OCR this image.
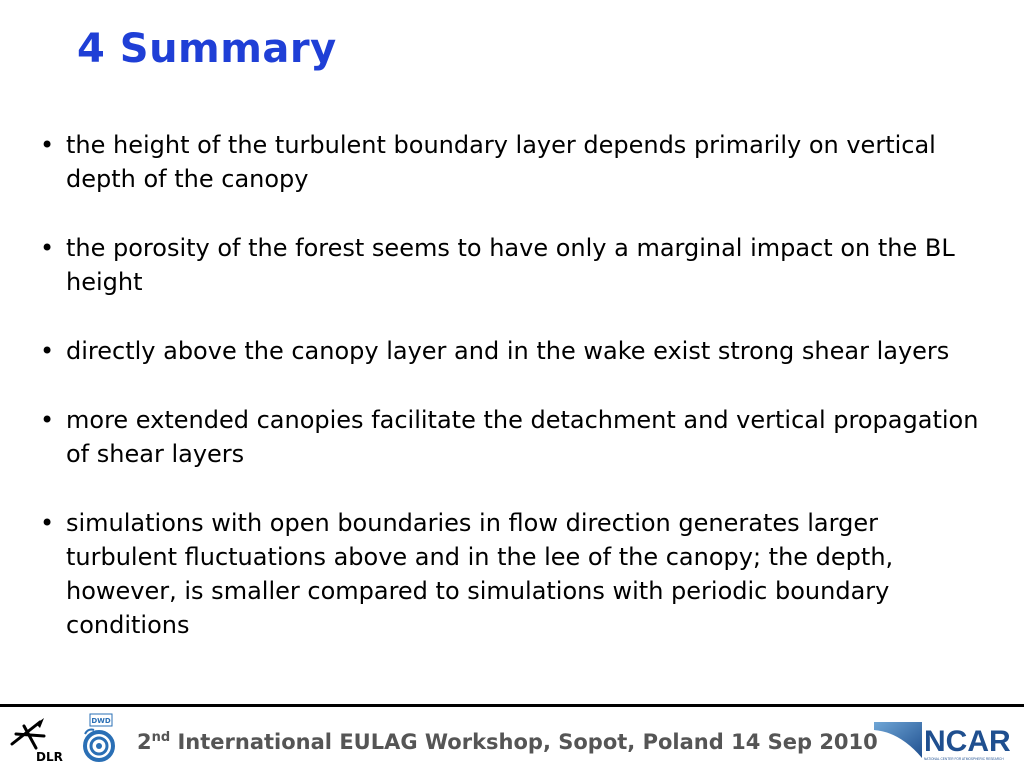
4 Summary
• the height of the turbulent boundary layer depends primarily on vertical depth of the canopy
• the porosity of the forest seems to have only a marginal impact on the BL height
• directly above the canopy layer and in the wake exist strong shear layers
• more extended canopies facilitate the detachment and vertical propagation of shear layers
• simulations with open boundaries in flow direction generates larger turbulent fluctuations above and in the lee of the canopy; the depth, however, is smaller compared to simulations with periodic boundary conditions
DLR
DWD
2nd International EULAG Workshop, Sopot, Poland 14 Sep 2010 NCAR
NATIONAL CENTER FOR ATMOSPHERIC RESEARCH
